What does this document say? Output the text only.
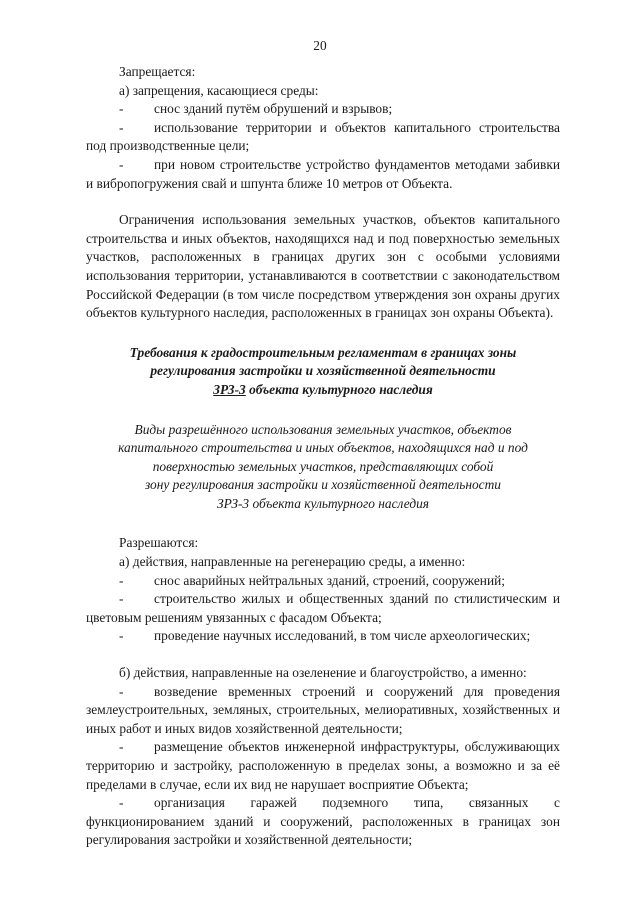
20

Запрещается:

а) запрещения, касающиеся среды:

- снос зданий путём обрушений и взрывов;

- использование территории и объектов капитального строительства под производственные цели;

- при новом строительстве устройство фундаментов методами забивки и вибропогружения свай и шпунта ближе 10 метров от Объекта.

Ограничения использования земельных участков, объектов капитального строительства и иных объектов, находящихся над и под поверхностью земельных участков, расположенных в границах других зон с особыми условиями использования территории, устанавливаются в соответствии с законодательством Российской Федерации (в том числе посредством утверждения зон охраны других объектов культурного наследия, расположенных в границах зон охраны Объекта).

Требования к градостроительным регламентам в границах зоны

регулирования застройки и хозяйственной деятельности

ЗРЗ-3 объекта культурного наследия

Виды разрешённого использования земельных участков, объектов

капитального строительства и иных объектов, находящихся над и под

поверхностью земельных участков, представляющих собой

зону регулирования застройки и хозяйственной деятельности

ЗРЗ-3 объекта культурного наследия

Разрешаются:

а) действия, направленные на регенерацию среды, а именно:

- снос аварийных нейтральных зданий, строений, сооружений;

- строительство жилых и общественных зданий по стилистическим и цветовым решениям увязанных с фасадом Объекта;

- проведение научных исследований, в том числе археологических;

б) действия, направленные на озеленение и благоустройство, а именно:

- возведение временных строений и сооружений для проведения землеустроительных, земляных, строительных, мелиоративных, хозяйственных и иных работ и иных видов хозяйственной деятельности;

- размещение объектов инженерной инфраструктуры, обслуживающих территорию и застройку, расположенную в пределах зоны, а возможно и за её пределами в случае, если их вид не нарушает восприятие Объекта;

- организация гаражей подземного типа, связанных с функционированием зданий и сооружений, расположенных в границах зон регулирования застройки и хозяйственной деятельности;
